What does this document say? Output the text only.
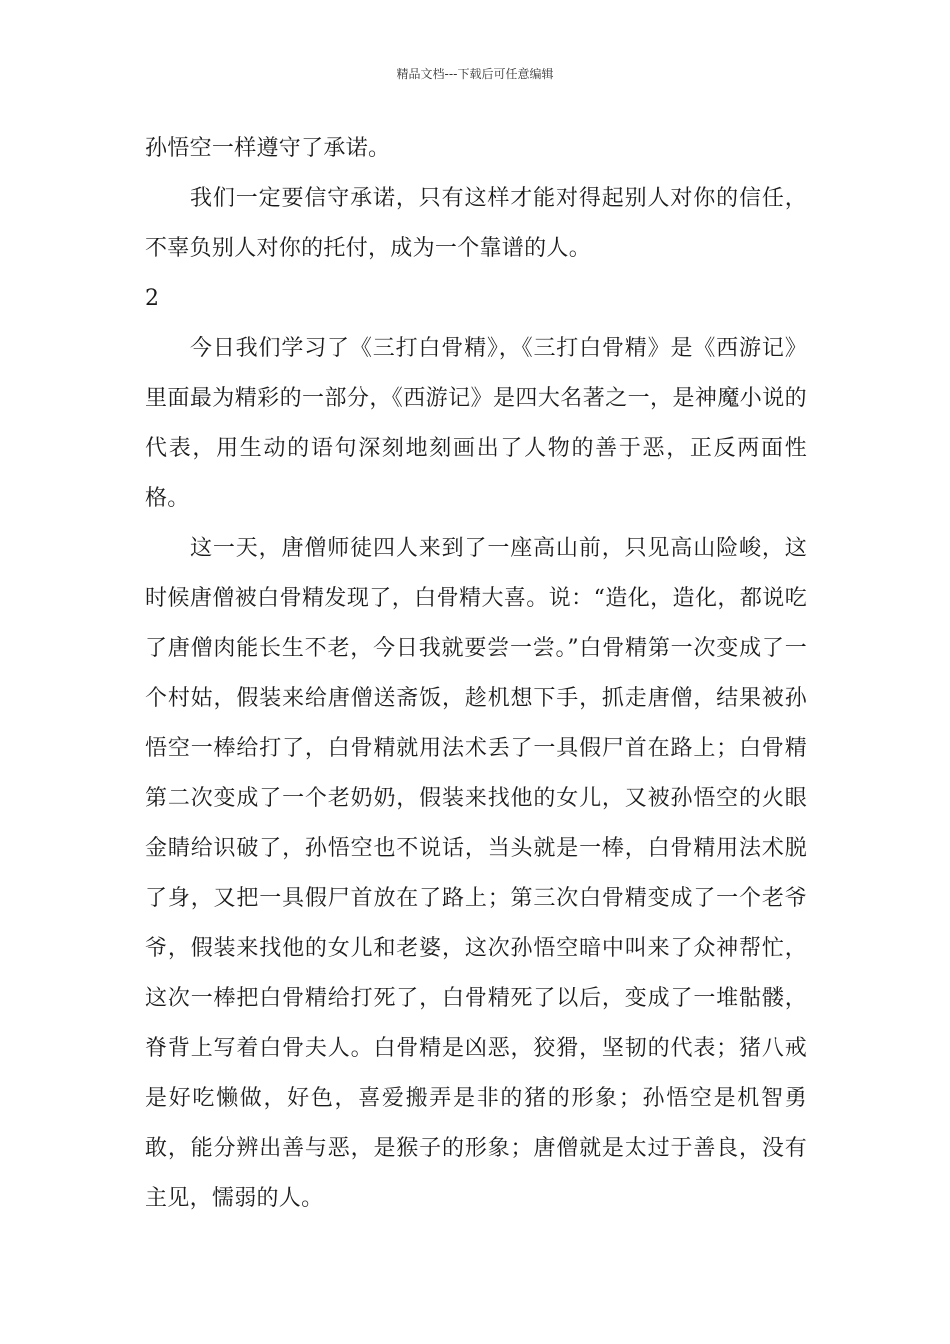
精品文档---下载后可任意编辑

孙悟空一样遵守了承诺。

我们一定要信守承诺，只有这样才能对得起别人对你的信任，不辜负别人对你的托付，成为一个靠谱的人。

2

今日我们学习了《三打白骨精》，《三打白骨精》是《西游记》里面最为精彩的一部分，《西游记》是四大名著之一，是神魔小说的代表，用生动的语句深刻地刻画出了人物的善于恶，正反两面性格。

这一天，唐僧师徒四人来到了一座高山前，只见高山险峻，这时候唐僧被白骨精发现了，白骨精大喜。说：“造化，造化，都说吃了唐僧肉能长生不老，今日我就要尝一尝。”白骨精第一次变成了一个村姑，假装来给唐僧送斋饭，趁机想下手，抓走唐僧，结果被孙悟空一棒给打了，白骨精就用法术丢了一具假尸首在路上；白骨精第二次变成了一个老奶奶，假装来找他的女儿，又被孙悟空的火眼金睛给识破了，孙悟空也不说话，当头就是一棒，白骨精用法术脱了身，又把一具假尸首放在了路上；第三次白骨精变成了一个老爷爷，假装来找他的女儿和老婆，这次孙悟空暗中叫来了众神帮忙，这次一棒把白骨精给打死了，白骨精死了以后，变成了一堆骷髅，脊背上写着白骨夫人。白骨精是凶恶，狡猾，坚韧的代表；猪八戒是好吃懒做，好色，喜爱搬弄是非的猪的形象；孙悟空是机智勇敢，能分辨出善与恶，是猴子的形象；唐僧就是太过于善良，没有主见，懦弱的人。
